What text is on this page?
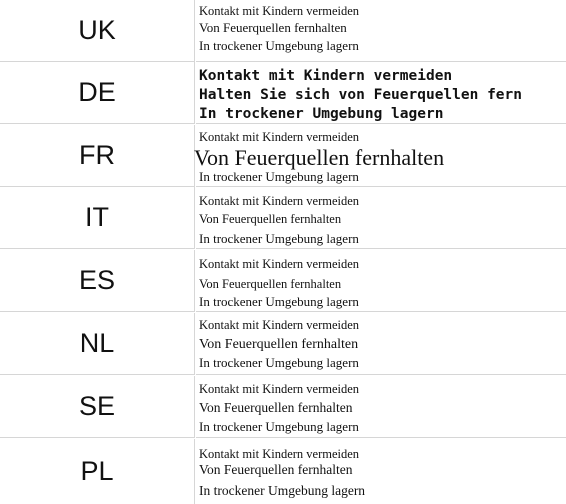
UK
Kontakt mit Kindern vermeiden
Von Feuerquellen fernhalten
In trockener Umgebung lagern
DE
Kontakt mit Kindern vermeiden
Halten Sie sich von Feuerquellen fern
In trockener Umgebung lagern
FR
Kontakt mit Kindern vermeiden
Von Feuerquellen fernhalten
In trockener Umgebung lagern
IT
Kontakt mit Kindern vermeiden
Von Feuerquellen fernhalten
In trockener Umgebung lagern
ES
Kontakt mit Kindern vermeiden
Von Feuerquellen fernhalten
In trockener Umgebung lagern
NL
Kontakt mit Kindern vermeiden
Von Feuerquellen fernhalten
In trockener Umgebung lagern
SE
Kontakt mit Kindern vermeiden
Von Feuerquellen fernhalten
In trockener Umgebung lagern
PL
Kontakt mit Kindern vermeiden
Von Feuerquellen fernhalten
In trockener Umgebung lagern
